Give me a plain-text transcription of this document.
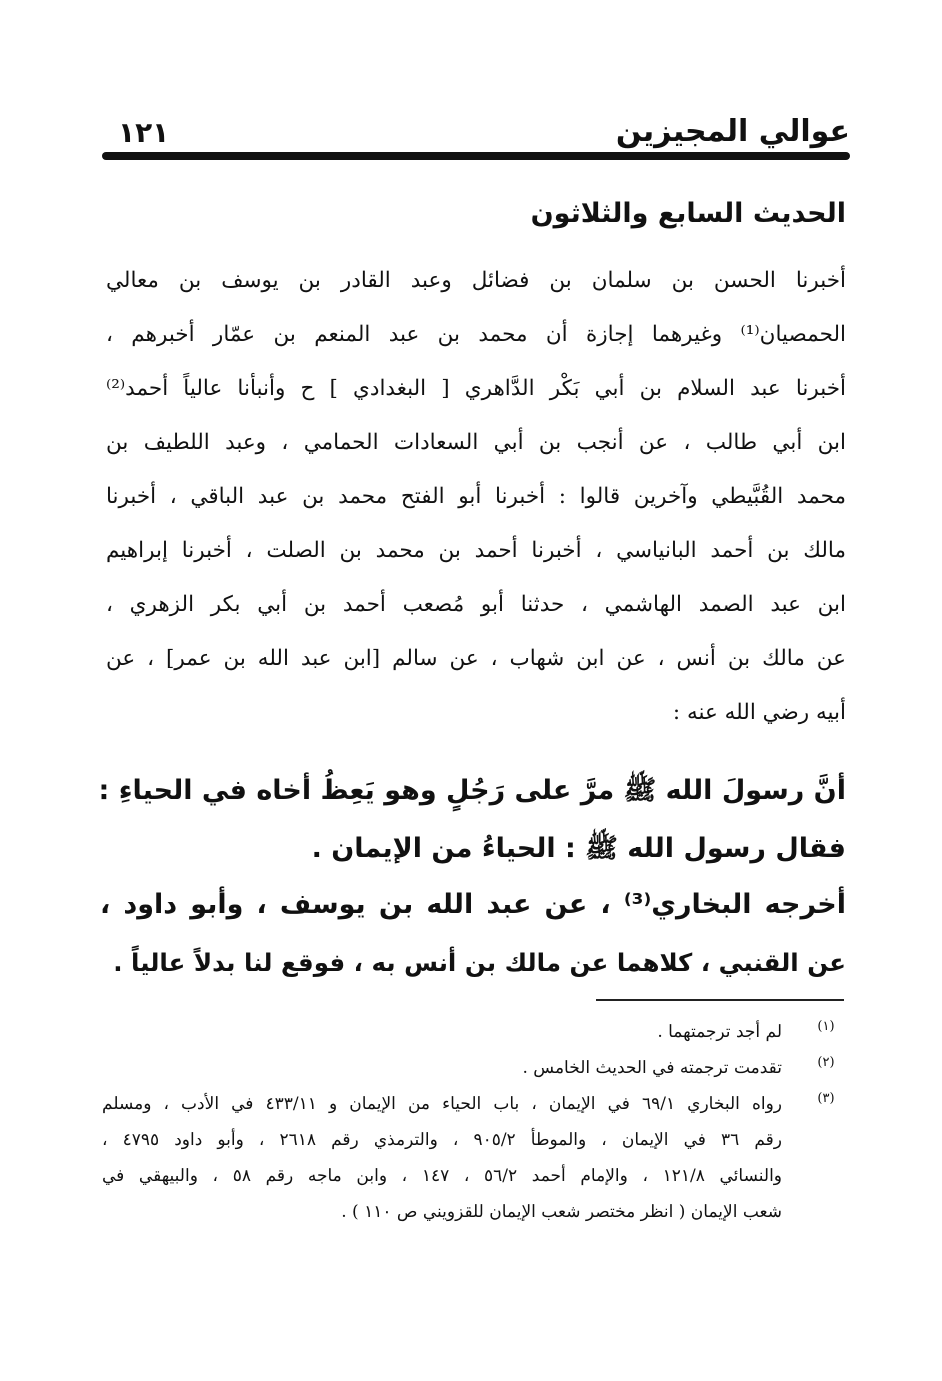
عوالي المجيزين
١٢١
الحديث السابع والثلاثون
أخبرنا الحسن بن سلمان بن فضائل وعبد القادر بن يوسف بن معالي
الحمصيان⁽¹⁾ وغيرهما إجازة أن محمد بن عبد المنعم بن عمّار أخبرهم ،
أخبرنا عبد السلام بن أبي بَكْر الدَّاهري [ البغدادي ] ح وأنبأنا عالياً أحمد⁽²⁾
ابن أبي طالب ، عن أنجب بن أبي السعادات الحمامي ، وعبد اللطيف بن
محمد القُبَّيطي وآخرين قالوا : أخبرنا أبو الفتح محمد بن عبد الباقي ، أخبرنا
مالك بن أحمد البانياسي ، أخبرنا أحمد بن محمد بن الصلت ، أخبرنا إبراهيم
ابن عبد الصمد الهاشمي ، حدثنا أبو مُصعب أحمد بن أبي بكر الزهري ،
عن مالك بن أنس ، عن ابن شهاب ، عن سالم [ابن عبد الله بن عمر] ، عن
أبيه رضي الله عنه :
أنَّ رسولَ الله ﷺ مرَّ على رَجُلٍ وهو يَعِظُ أخاه في الحياءِ :
فقال رسول الله ﷺ : الحياءُ من الإيمان .
أخرجه البخاري⁽³⁾ ، عن عبد الله بن يوسف ، وأبو داود ،
عن القنبي ، كلاهما عن مالك بن أنس به ، فوقع لنا بدلاً عالياً .
(١)
لم أجد ترجمتهما .
(٢)
تقدمت ترجمته في الحديث الخامس .
(٣)
رواه البخاري ٦٩/١ في الإيمان ، باب الحياء من الإيمان و ٤٣٣/١١ في الأدب ، ومسلم
رقم ٣٦ في الإيمان ، والموطأ ٩٠٥/٢ ، والترمذي رقم ٢٦١٨ ، وأبو داود ٤٧٩٥ ،
والنسائي ١٢١/٨ ، والإمام أحمد ٥٦/٢ ، ١٤٧ ، وابن ماجه رقم ٥٨ ، والبيهقي في
شعب الإيمان ( انظر مختصر شعب الإيمان للقزويني ص ١١٠ ) .
